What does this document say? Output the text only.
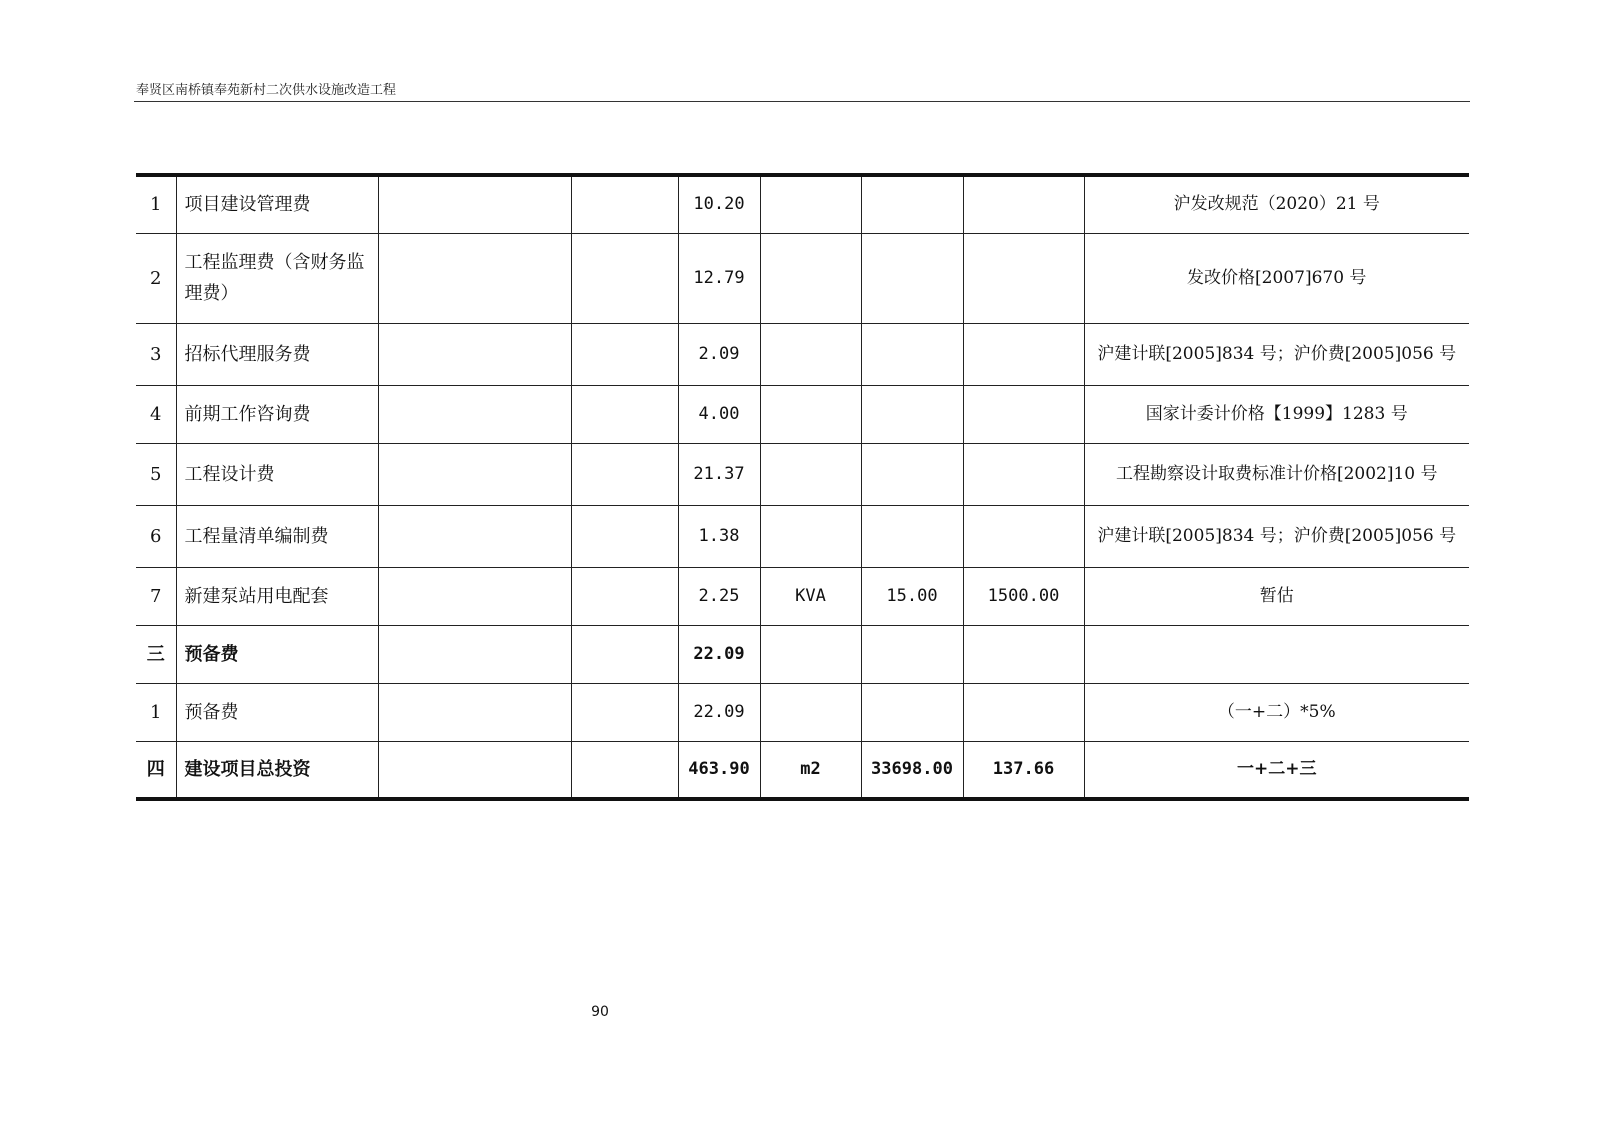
奉贤区南桥镇奉苑新村二次供水设施改造工程
1	项目建设管理费			10.20				沪发改规范（2020）21 号
2	工程监理费（含财务监理费）			12.79				发改价格[2007]670 号
3	招标代理服务费			2.09				沪建计联[2005]834 号；沪价费[2005]056 号
4	前期工作咨询费			4.00				国家计委计价格【1999】1283 号
5	工程设计费			21.37				工程勘察设计取费标准计价格[2002]10 号
6	工程量清单编制费			1.38				沪建计联[2005]834 号；沪价费[2005]056 号
7	新建泵站用电配套			2.25	KVA	15.00	1500.00	暂估
三	预备费			22.09				
1	预备费			22.09				（一+二）*5%
四	建设项目总投资			463.90	m2	33698.00	137.66	一+二+三
90
